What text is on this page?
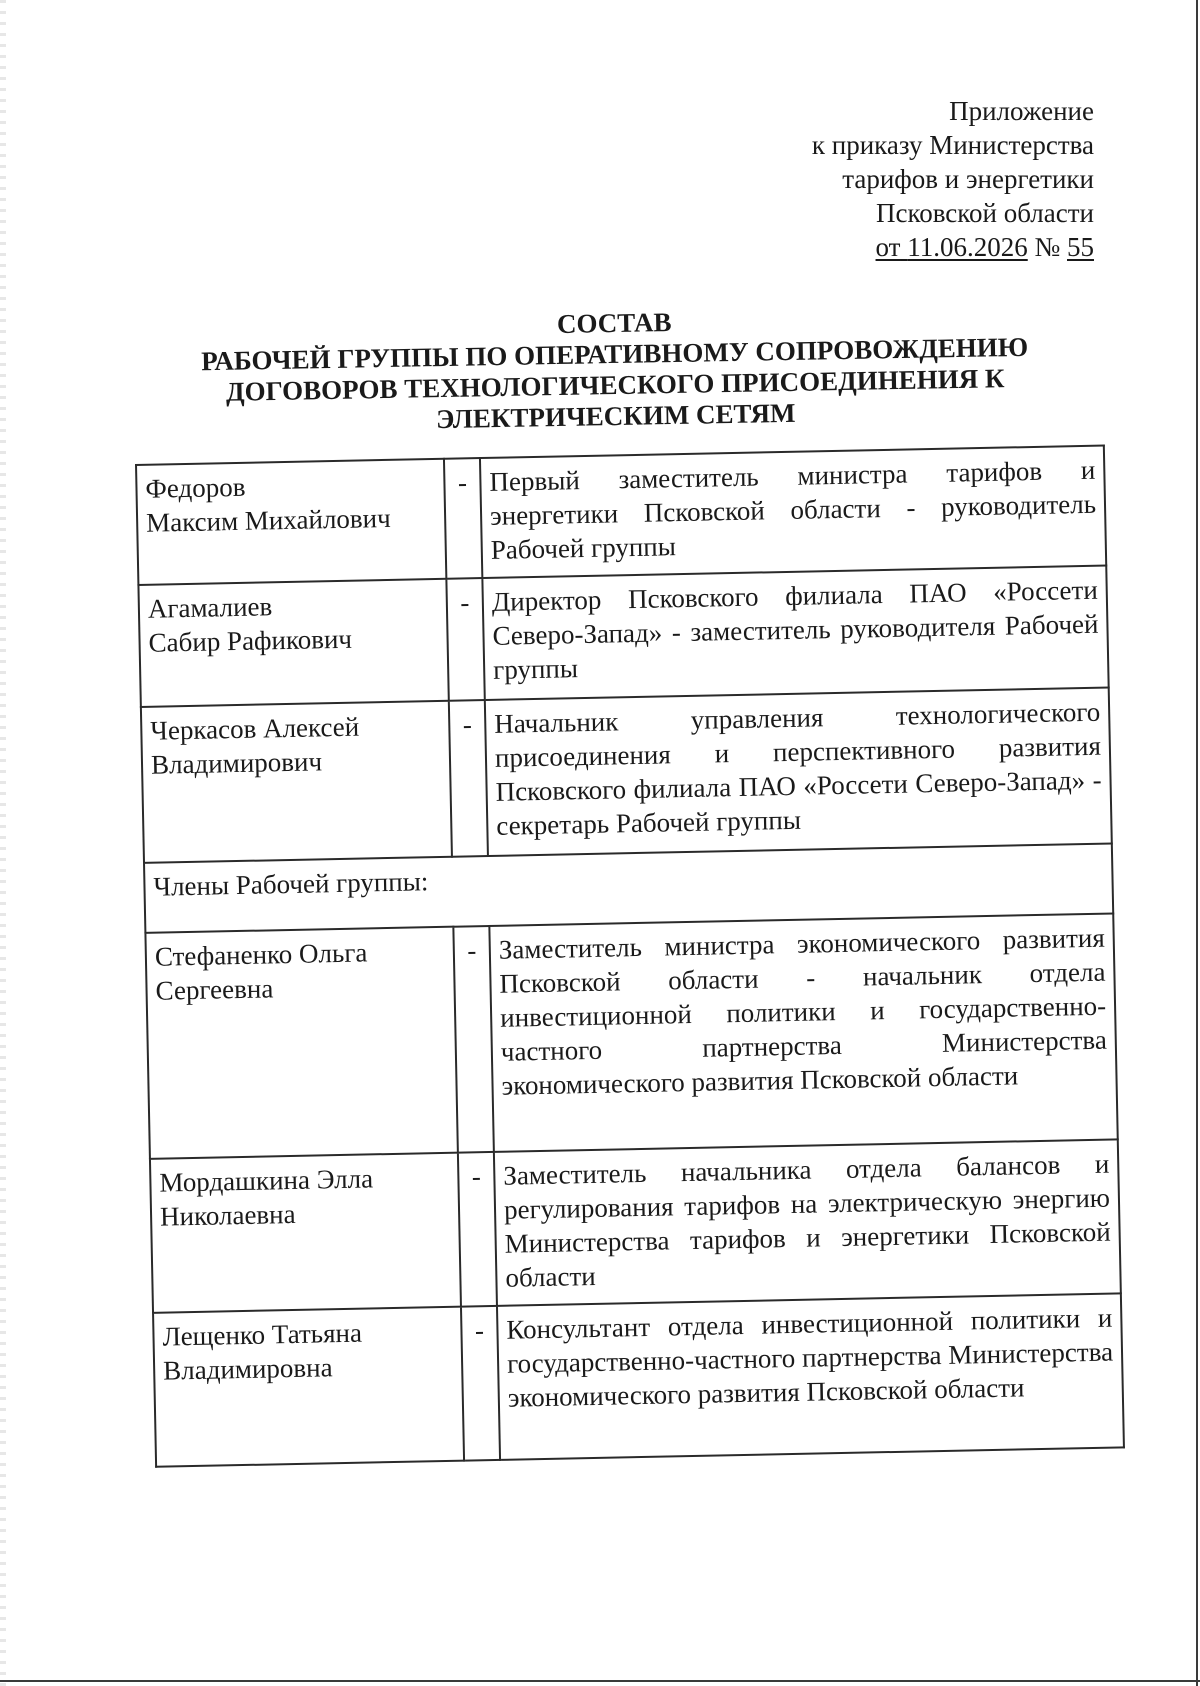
Приложение
к приказу Министерства
тарифов и энергетики
Псковской области
от 11.06.2026 № 55
СОСТАВ
РАБОЧЕЙ ГРУППЫ ПО ОПЕРАТИВНОМУ СОПРОВОЖДЕНИЮ
ДОГОВОРОВ ТЕХНОЛОГИЧЕСКОГО ПРИСОЕДИНЕНИЯ К
ЭЛЕКТРИЧЕСКИМ СЕТЯМ
Федоров
Максим Михайлович	-	Первый заместитель министра тарифов и энергетики Псковской области - руководитель Рабочей группы

Агамалиев
Сабир Рафикович	-	Директор Псковского филиала ПАО «Россети Северо-Запад» - заместитель руководителя Рабочей группы

Черкасов Алексей
Владимирович	-	Начальник управления технологического присоединения и перспективного развития Псковского филиала ПАО «Россети Северо-Запад» - секретарь Рабочей группы
Члены Рабочей группы:		

Стефаненко Ольга
Сергеевна	-	Заместитель министра экономического развития Псковской области - начальник отдела инвестиционной политики и государственно-частного партнерства Министерства экономического развития Псковской области

Мордашкина Элла
Николаевна	-	Заместитель начальника отдела балансов и регулирования тарифов на электрическую энергию Министерства тарифов и энергетики Псковской области

Лещенко Татьяна
Владимировна	-	Консультант отдела инвестиционной политики и государственно-частного партнерства Министерства экономического развития Псковской области
